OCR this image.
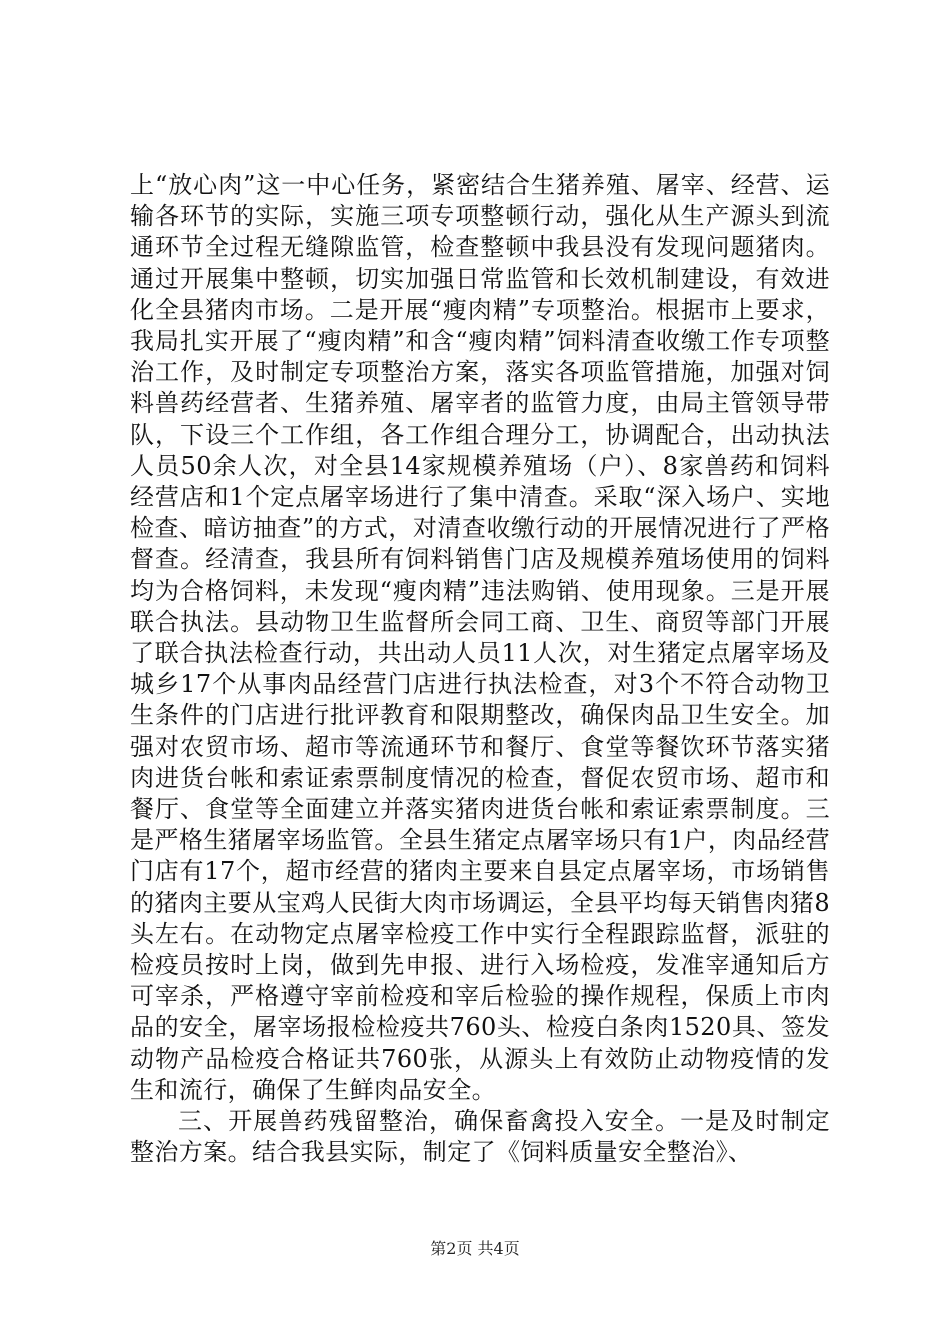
上“放心肉”这一中心任务，紧密结合生猪养殖、屠宰、经营、运输各环节的实际，实施三项专项整顿行动，强化从生产源头到流通环节全过程无缝隙监管，检查整顿中我县没有发现问题猪肉。通过开展集中整顿，切实加强日常监管和长效机制建设，有效进化全县猪肉市场。二是开展“瘦肉精”专项整治。根据市上要求，我局扎实开展了“瘦肉精”和含“瘦肉精”饲料清查收缴工作专项整治工作，及时制定专项整治方案，落实各项监管措施，加强对饲料兽药经营者、生猪养殖、屠宰者的监管力度，由局主管领导带队，下设三个工作组，各工作组合理分工，协调配合，出动执法人员50余人次，对全县14家规模养殖场（户）、8家兽药和饲料经营店和1个定点屠宰场进行了集中清查。采取“深入场户、实地检查、暗访抽查”的方式，对清查收缴行动的开展情况进行了严格督查。经清查，我县所有饲料销售门店及规模养殖场使用的饲料均为合格饲料，未发现“瘦肉精”违法购销、使用现象。三是开展联合执法。县动物卫生监督所会同工商、卫生、商贸等部门开展了联合执法检查行动，共出动人员11人次，对生猪定点屠宰场及城乡17个从事肉品经营门店进行执法检查，对3个不符合动物卫生条件的门店进行批评教育和限期整改，确保肉品卫生安全。加强对农贸市场、超市等流通环节和餐厅、食堂等餐饮环节落实猪肉进货台帐和索证索票制度情况的检查，督促农贸市场、超市和餐厅、食堂等全面建立并落实猪肉进货台帐和索证索票制度。三是严格生猪屠宰场监管。全县生猪定点屠宰场只有1户，肉品经营门店有17个，超市经营的猪肉主要来自县定点屠宰场，市场销售的猪肉主要从宝鸡人民街大肉市场调运，全县平均每天销售肉猪8头左右。在动物定点屠宰检疫工作中实行全程跟踪监督，派驻的检疫员按时上岗，做到先申报、进行入场检疫，发准宰通知后方可宰杀，严格遵守宰前检疫和宰后检验的操作规程，保质上市肉品的安全，屠宰场报检检疫共760头、检疫白条肉1520具、签发动物产品检疫合格证共760张，从源头上有效防止动物疫情的发生和流行，确保了生鲜肉品安全。

三、开展兽药残留整治，确保畜禽投入安全。一是及时制定整治方案。结合我县实际，制定了《饲料质量安全整治》、

第2页 共4页
